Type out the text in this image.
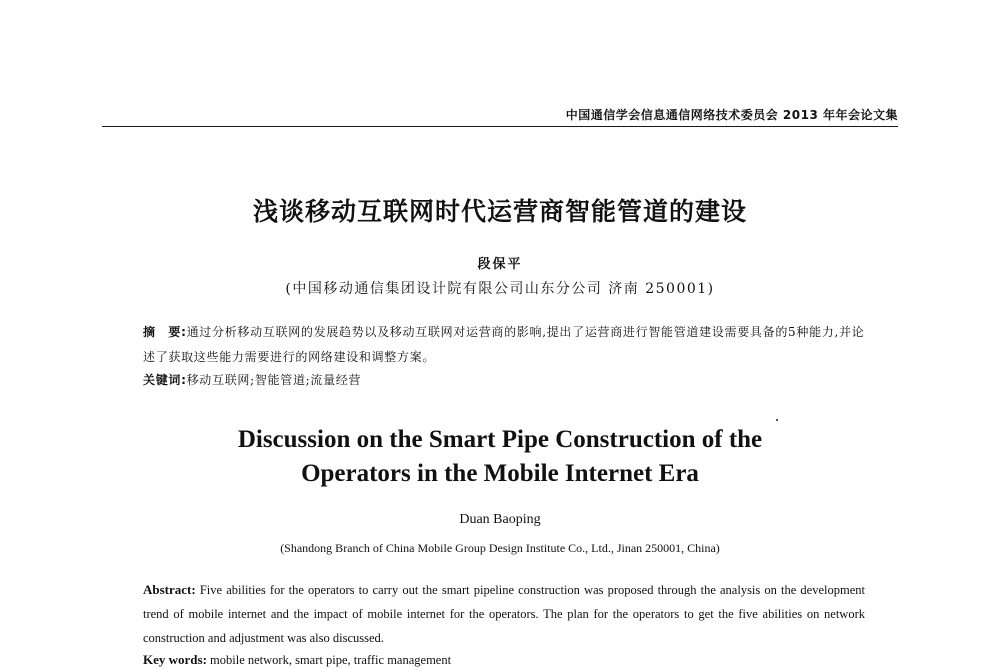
中国通信学会信息通信网络技术委员会 2013 年年会论文集
浅谈移动互联网时代运营商智能管道的建设
段保平
(中国移动通信集团设计院有限公司山东分公司 济南 250001)
摘　要:通过分析移动互联网的发展趋势以及移动互联网对运营商的影响,提出了运营商进行智能管道建设需要具备的5种能力,并论述了获取这些能力需要进行的网络建设和调整方案。
关键词:移动互联网;智能管道;流量经营
Discussion on the Smart Pipe Construction of the
Operators in the Mobile Internet Era
Duan Baoping
(Shandong Branch of China Mobile Group Design Institute Co., Ltd., Jinan 250001, China)
Abstract: Five abilities for the operators to carry out the smart pipeline construction was proposed through the analysis on the development trend of mobile internet and the impact of mobile internet for the operators. The plan for the operators to get the five abilities on network construction and adjustment was also discussed.
Key words: mobile network, smart pipe, traffic management
